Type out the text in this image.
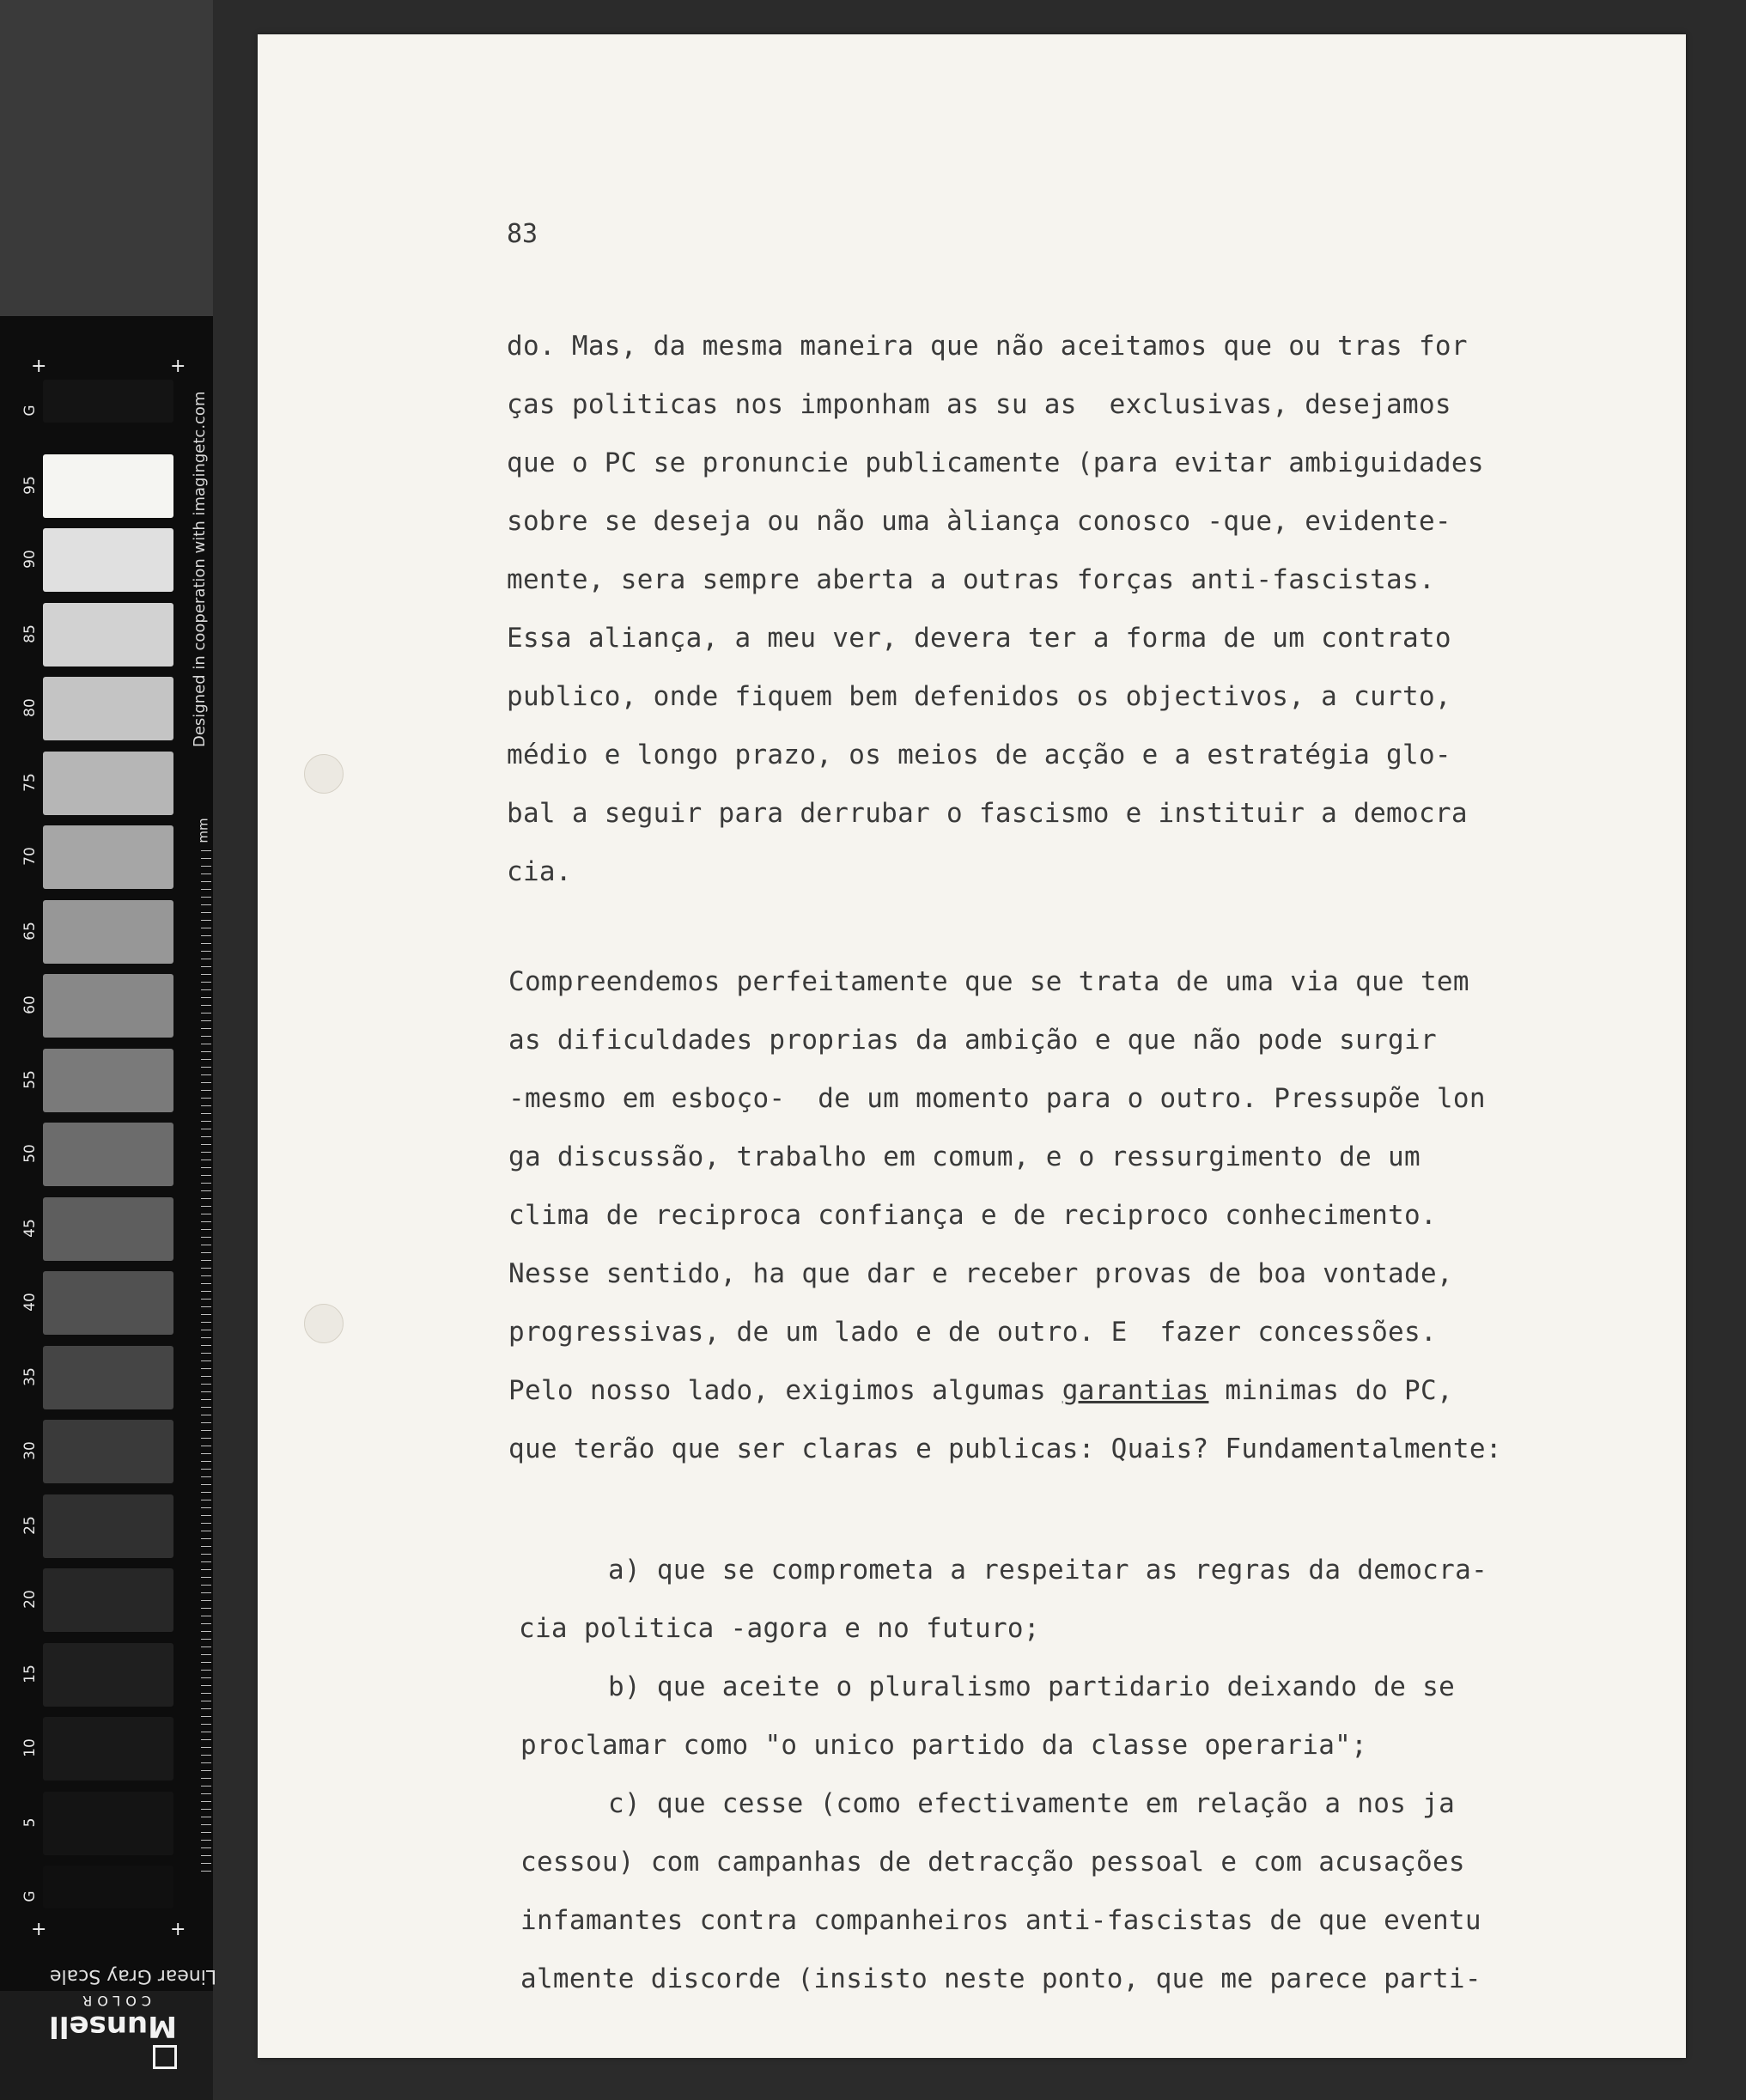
+	+
+	+
G
95
90
85
80
75
70
65
60
55
50
45
40
35
30
25
20
15
10
5
G
mm
Designed in cooperation with imagingetc.com
Linear Gray Scale
Munsell
COLOR
83
do. Mas, da mesma maneira que não aceitamos que ou tras for
ças politicas nos imponham as su as  exclusivas, desejamos
que o PC se pronuncie publicamente (para evitar ambiguidades
sobre se deseja ou não uma àliança conosco -que, evidente-
mente, sera sempre aberta a outras forças anti-fascistas.
Essa aliança, a meu ver, devera ter a forma de um contrato
publico, onde fiquem bem defenidos os objectivos, a curto,
médio e longo prazo, os meios de acção e a estratégia glo-
bal a seguir para derrubar o fascismo e instituir a democra
cia.
Compreendemos perfeitamente que se trata de uma via que tem
as dificuldades proprias da ambição e que não pode surgir
-mesmo em esboço-  de um momento para o outro. Pressupõe lon
ga discussão, trabalho em comum, e o ressurgimento de um
clima de reciproca confiança e de reciproco conhecimento.
Nesse sentido, ha que dar e receber provas de boa vontade,
progressivas, de um lado e de outro. E  fazer concessões.
Pelo nosso lado, exigimos algumas garantias minimas do PC,
que terão que ser claras e publicas: Quais? Fundamentalmente:
a) que se comprometa a respeitar as regras da democra-
cia politica -agora e no futuro;
b) que aceite o pluralismo partidario deixando de se
proclamar como "o unico partido da classe operaria";
c) que cesse (como efectivamente em relação a nos ja
cessou) com campanhas de detracção pessoal e com acusações
infamantes contra companheiros anti-fascistas de que eventu
almente discorde (insisto neste ponto, que me parece parti-
